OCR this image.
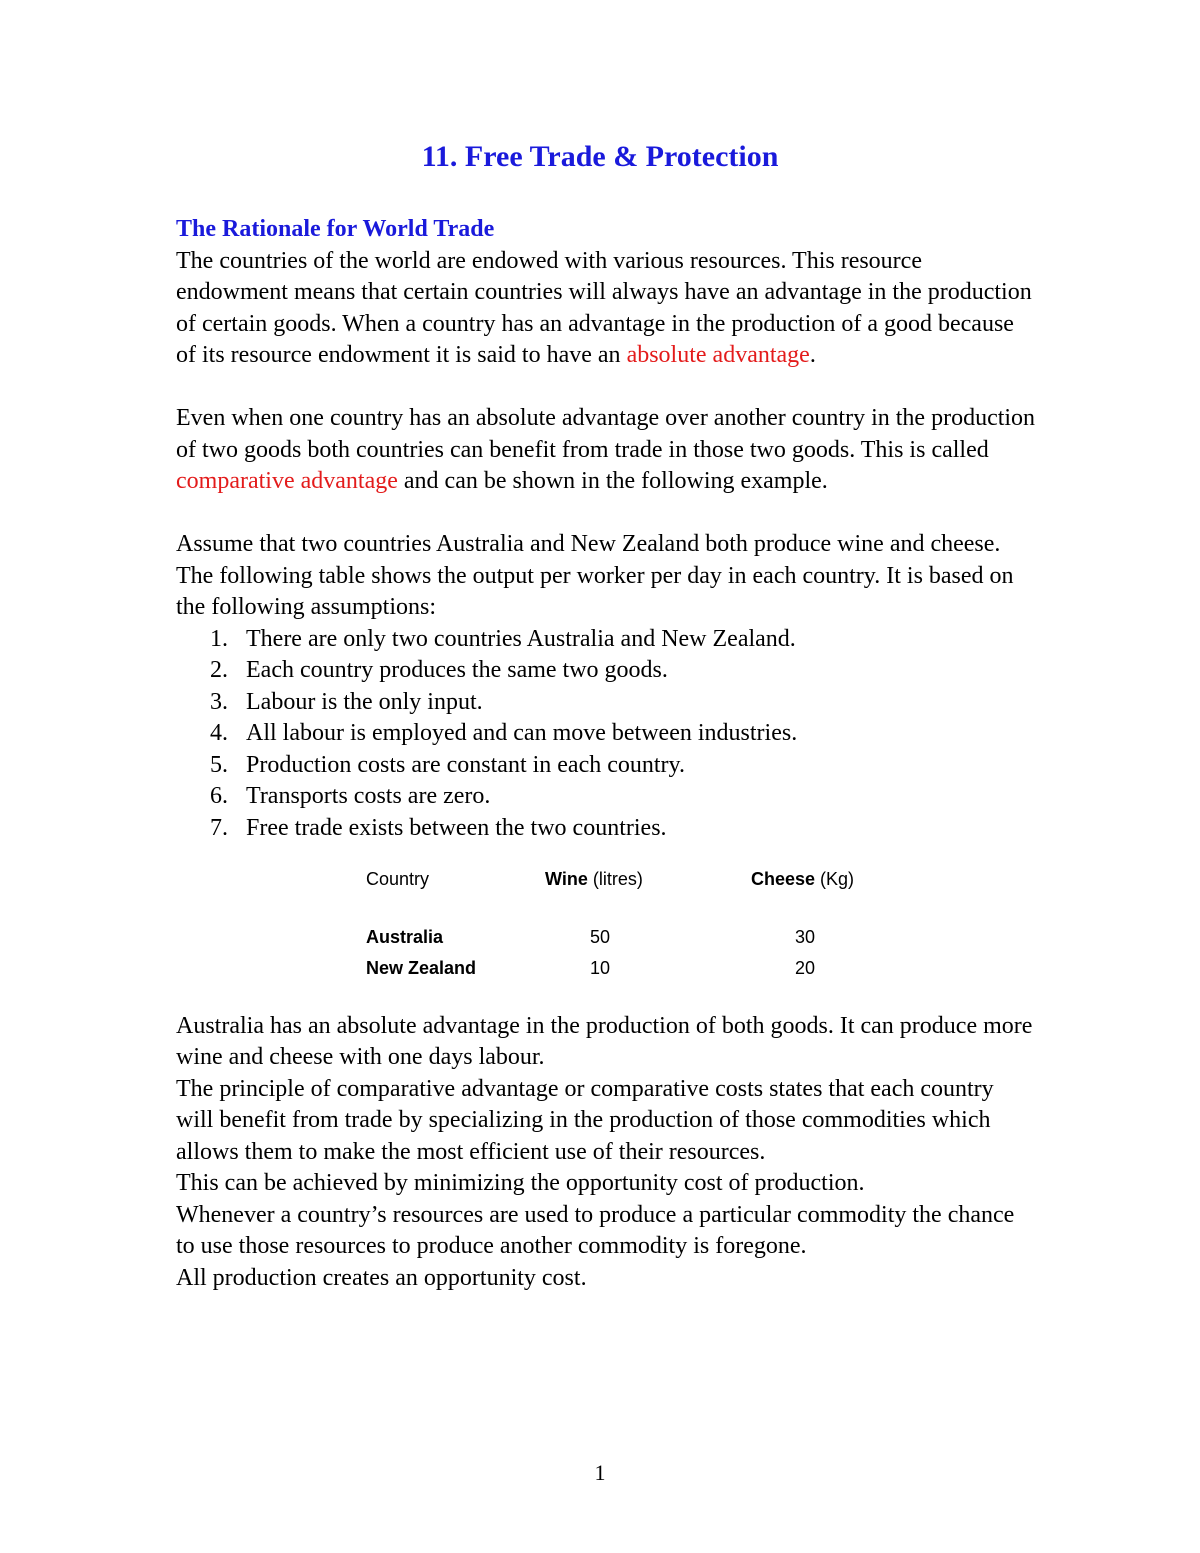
11. Free Trade & Protection

The Rationale for World Trade

The countries of the world are endowed with various resources. This resource endowment means that certain countries will always have an advantage in the production of certain goods. When a country has an advantage in the production of a good because of its resource endowment it is said to have an absolute advantage.

Even when one country has an absolute advantage over another country in the production of two goods both countries can benefit from trade in those two goods. This is called comparative advantage and can be shown in the following example.

Assume that two countries Australia and New Zealand both produce wine and cheese. The following table shows the output per worker per day in each country. It is based on the following assumptions:

1. There are only two countries Australia and New Zealand.
2. Each country produces the same two goods.
3. Labour is the only input.
4. All labour is employed and can move between industries.
5. Production costs are constant in each country.
6. Transports costs are zero.
7. Free trade exists between the two countries.
Country	Wine (litres)	Cheese (Kg)

Australia	50	30
New Zealand	10	20

Australia has an absolute advantage in the production of both goods. It can produce more wine and cheese with one days labour.

The principle of comparative advantage or comparative costs states that each country will benefit from trade by specializing in the production of those commodities which allows them to make the most efficient use of their resources.

This can be achieved by minimizing the opportunity cost of production.

Whenever a country’s resources are used to produce a particular commodity the chance to use those resources to produce another commodity is foregone.

All production creates an opportunity cost.

1
